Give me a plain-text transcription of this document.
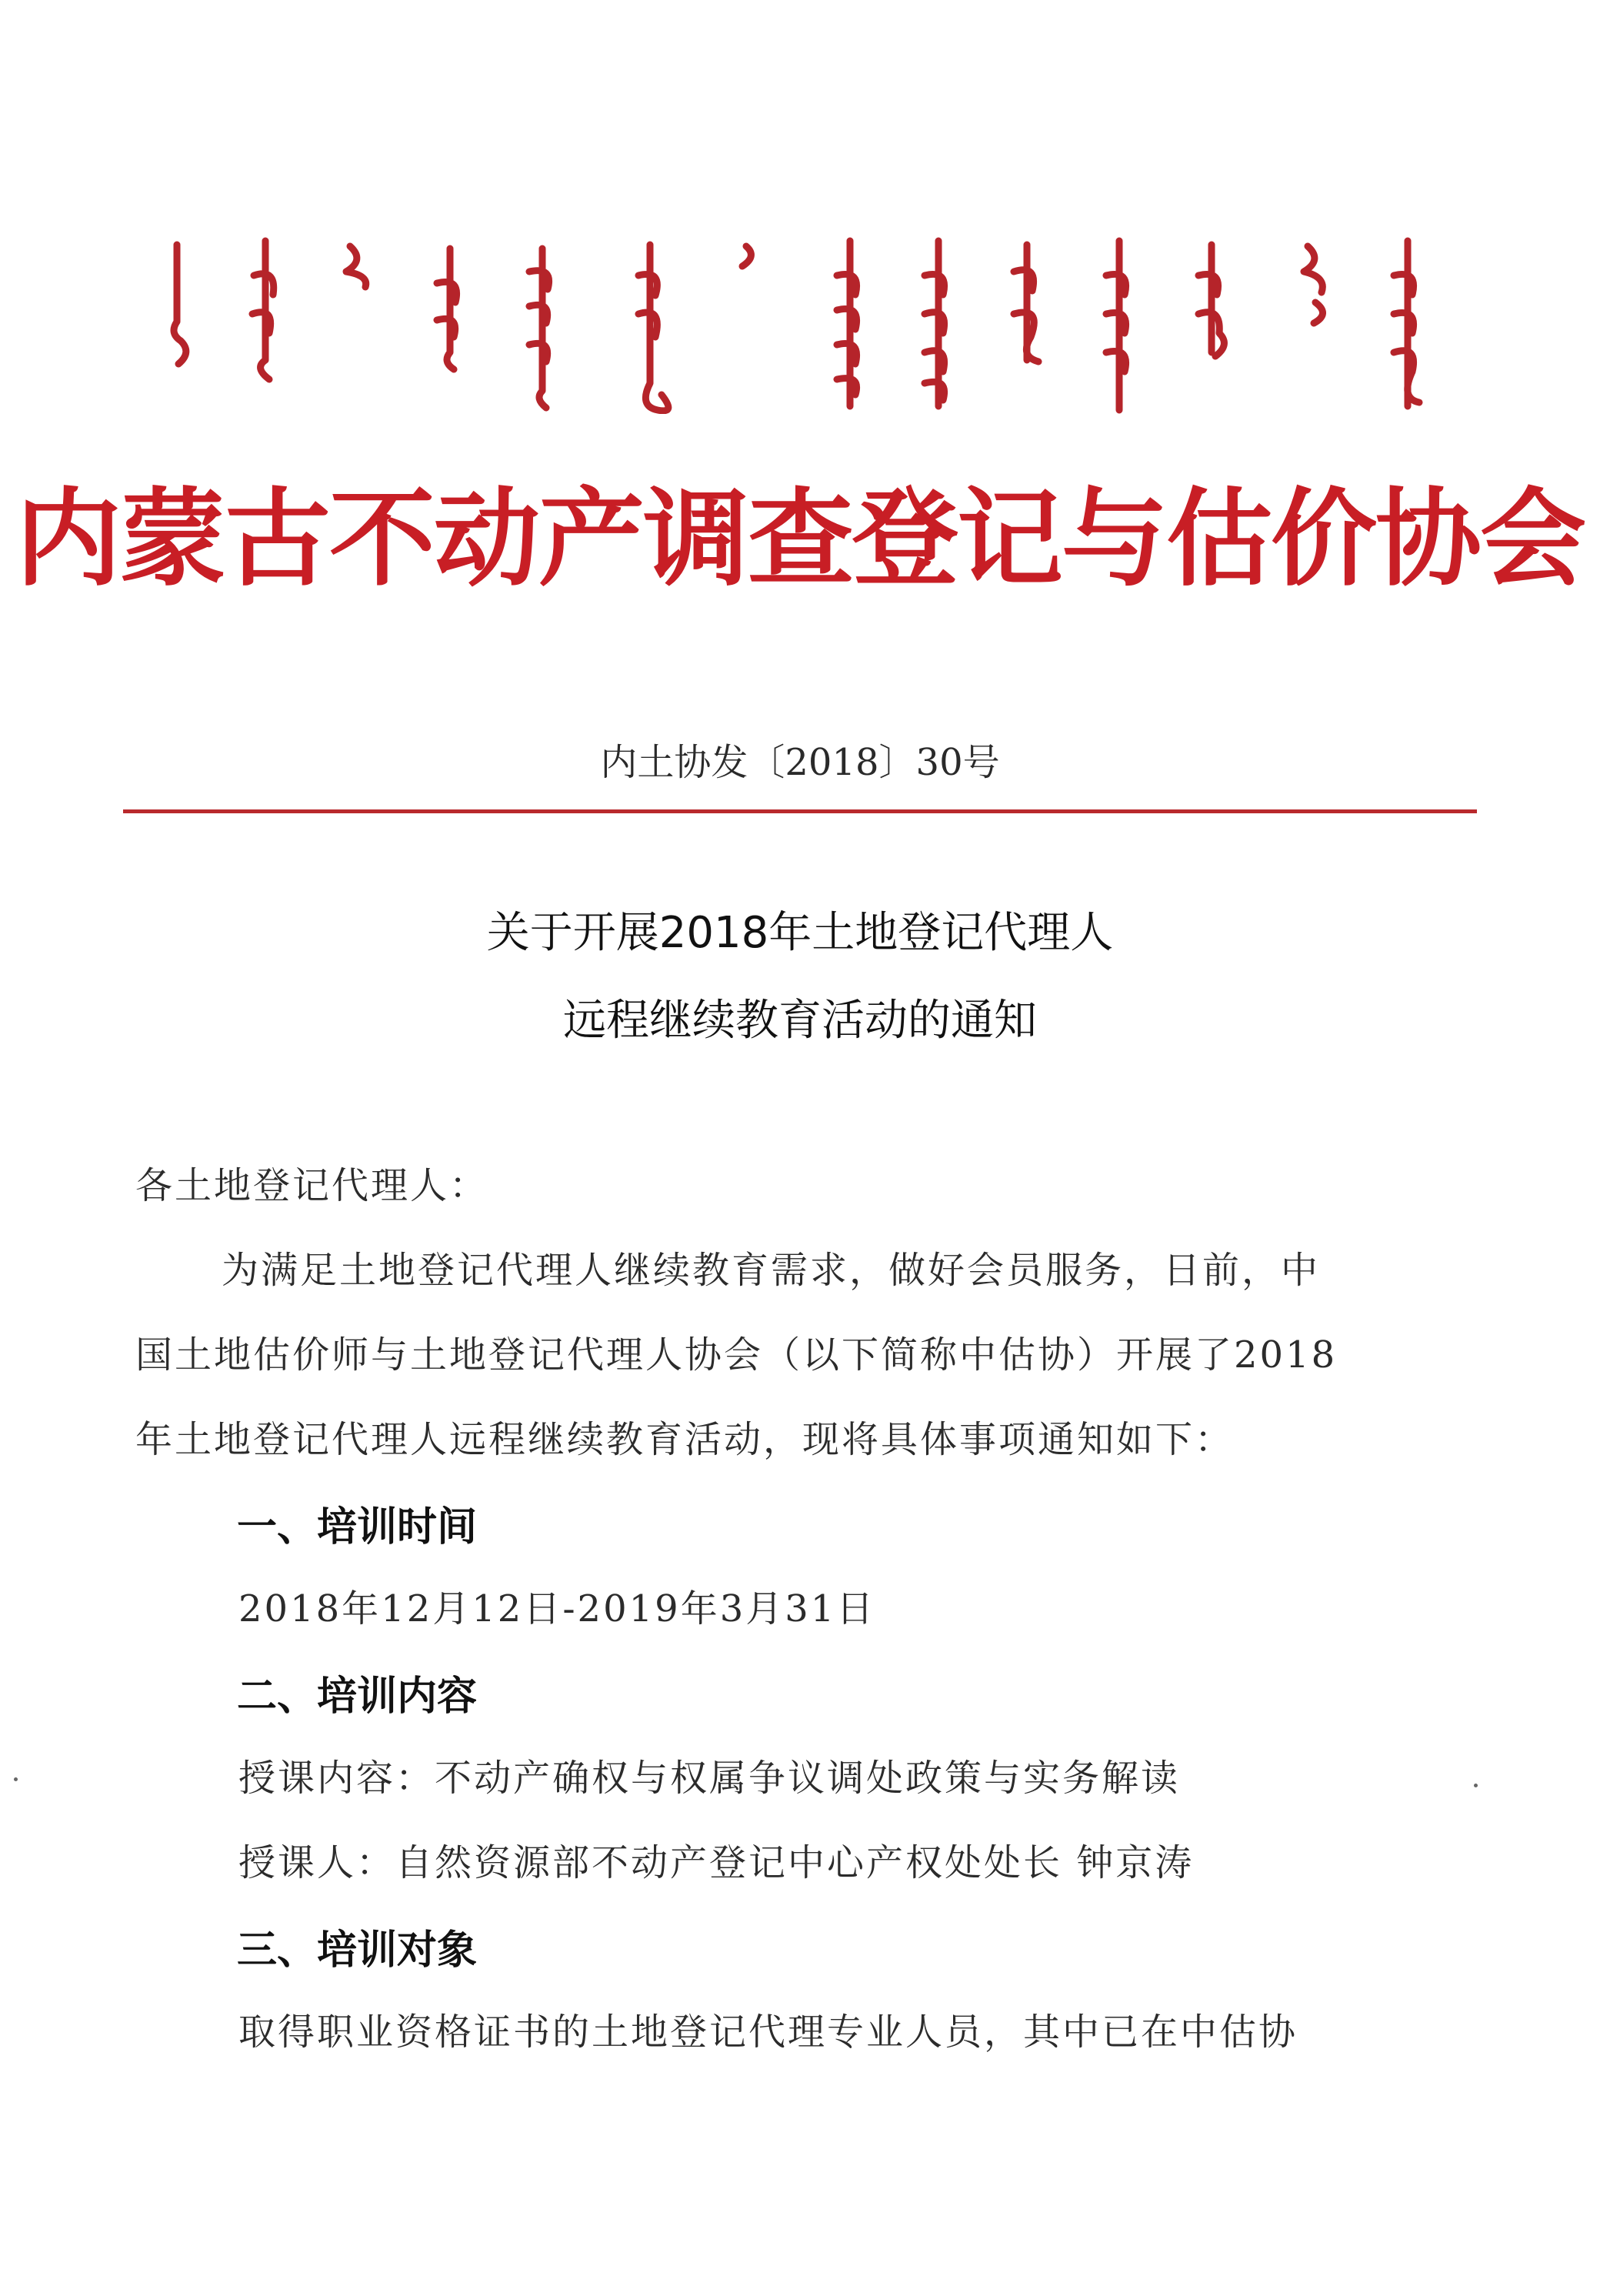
内蒙古不动产调查登记与估价协会
内土协发〔2018〕30号
关于开展2018年土地登记代理人
远程继续教育活动的通知
各土地登记代理人：
为满足土地登记代理人继续教育需求，做好会员服务，日前，中
国土地估价师与土地登记代理人协会（以下简称中估协）开展了2018
年土地登记代理人远程继续教育活动，现将具体事项通知如下：
一、培训时间
2018年12月12日-2019年3月31日
二、培训内容
授课内容：不动产确权与权属争议调处政策与实务解读
授课人：自然资源部不动产登记中心产权处处长 钟京涛
三、培训对象
取得职业资格证书的土地登记代理专业人员，其中已在中估协
